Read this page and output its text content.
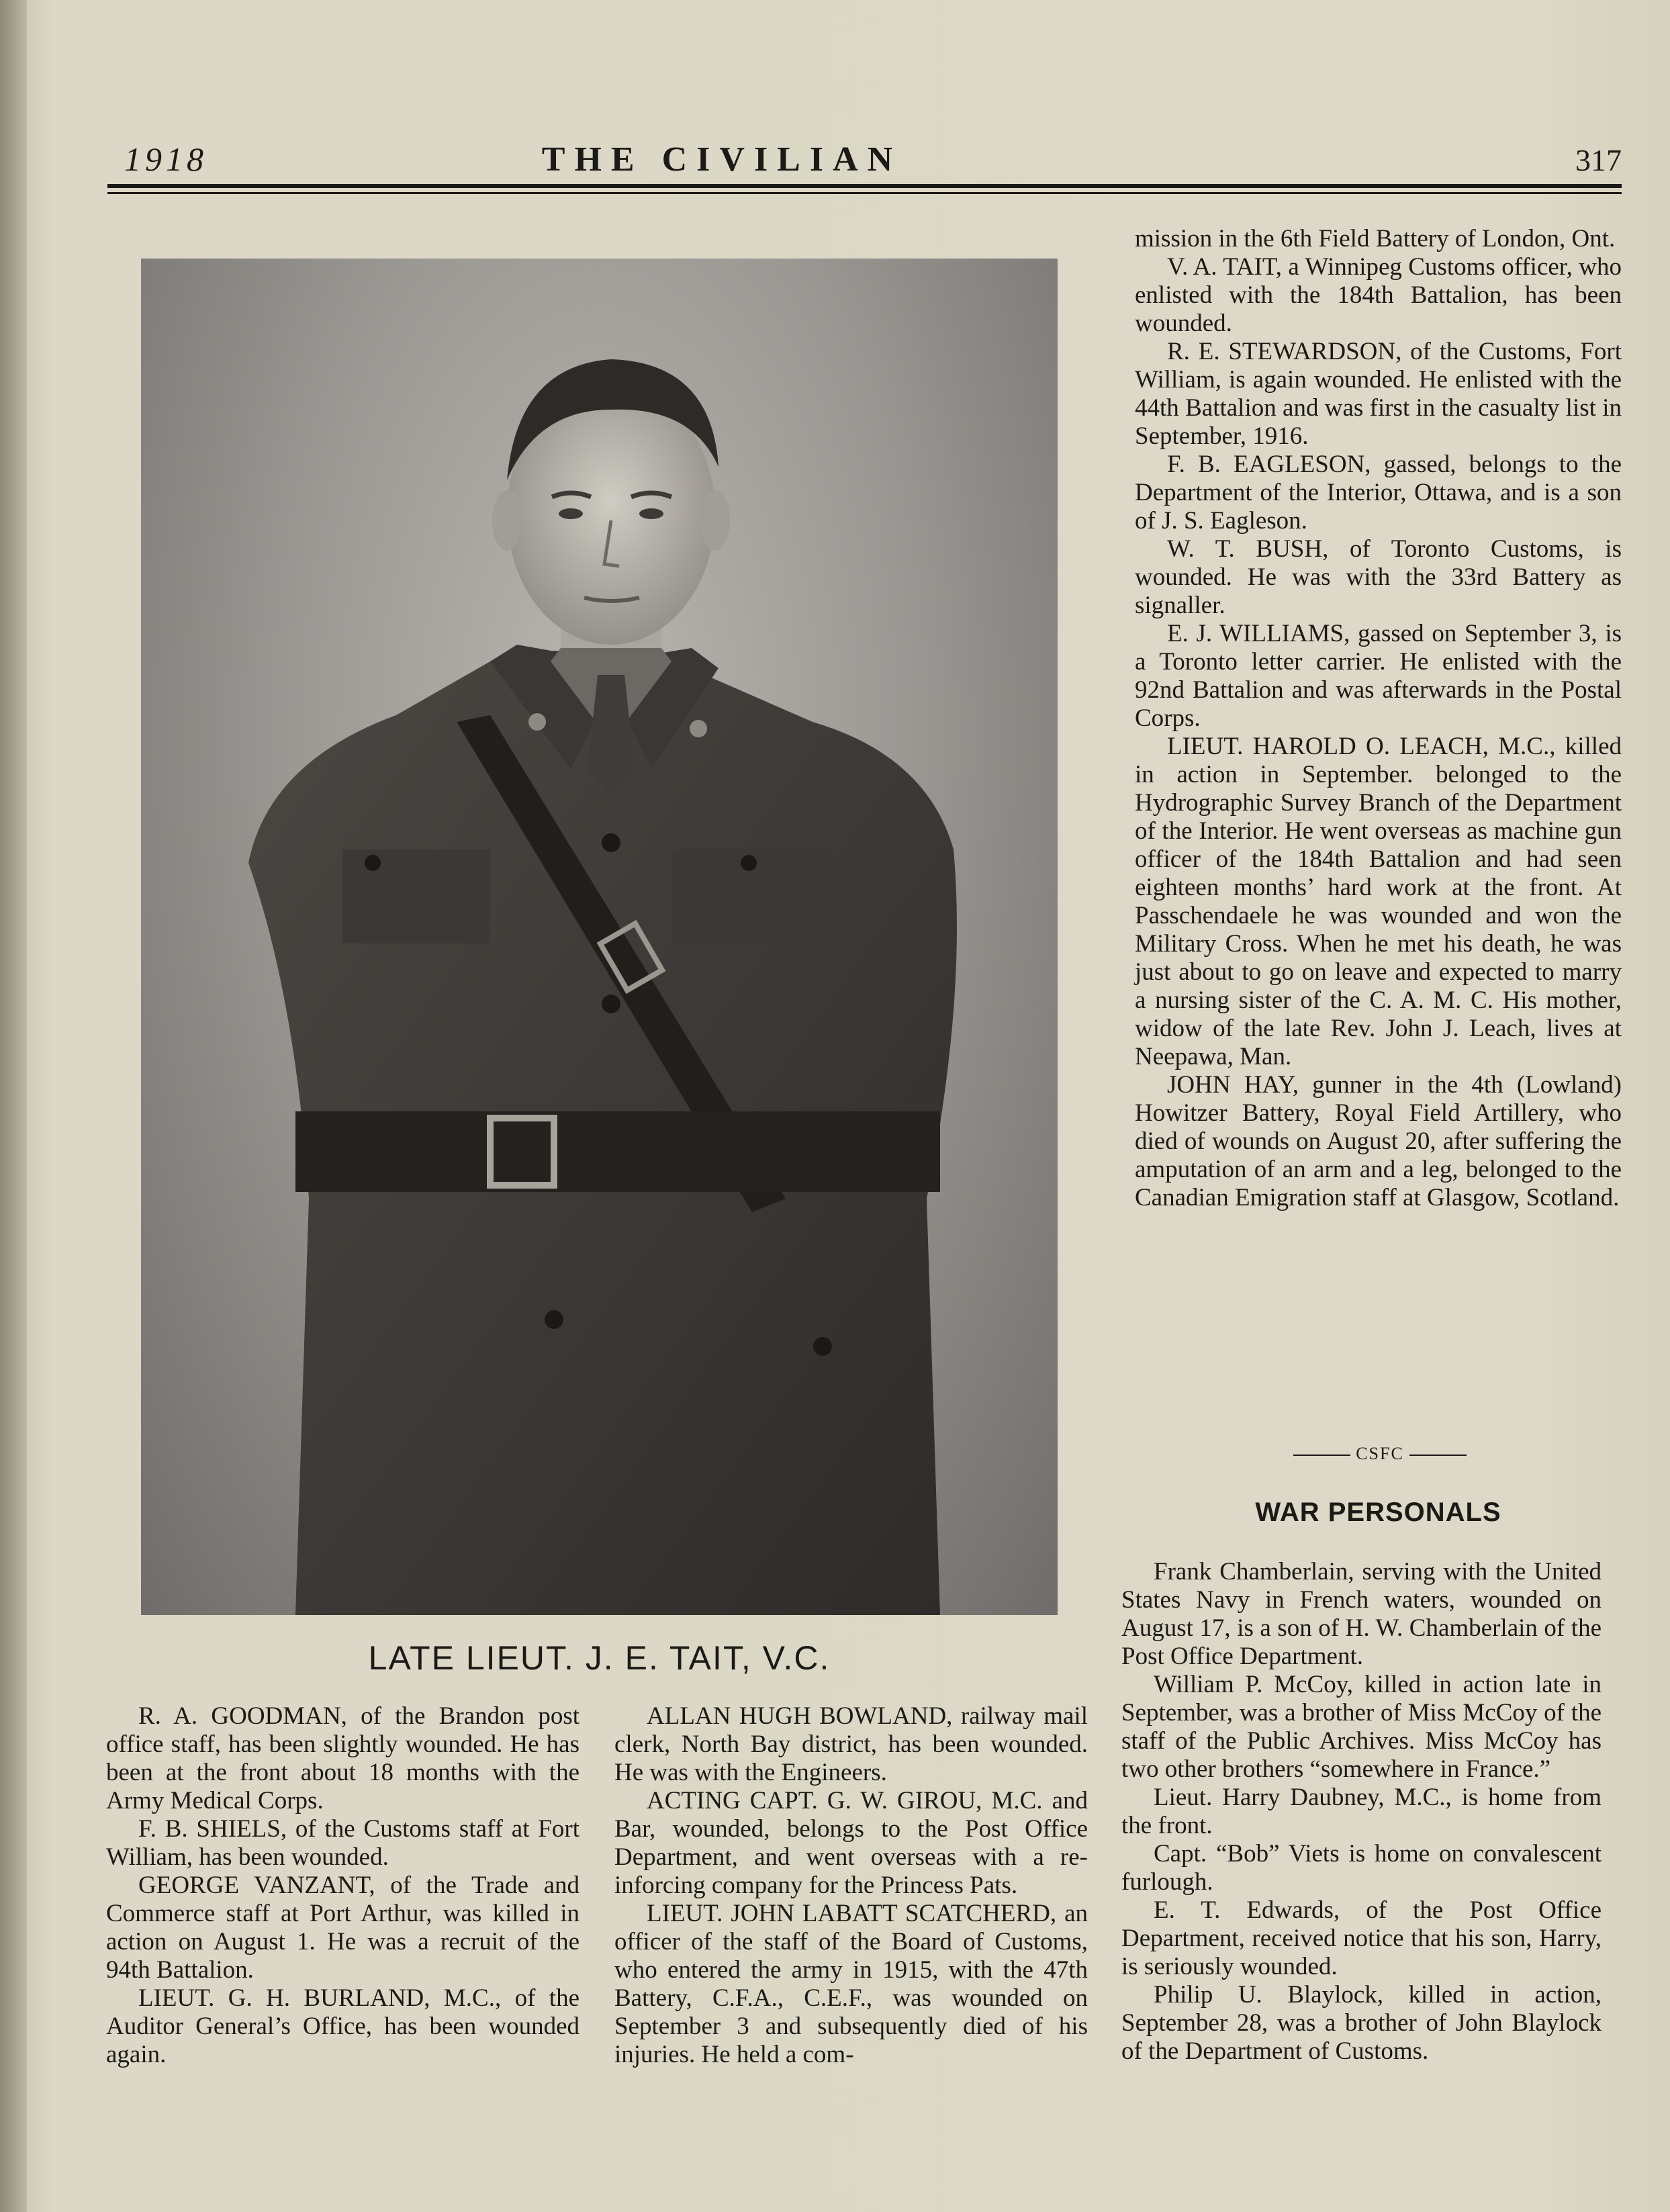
1918	THE CIVILIAN	317
LATE LIEUT. J. E. TAIT, V.C.

R. A. GOODMAN, of the Brandon post office staff, has been slightly wounded. He has been at the front about 18 months with the Army Medical Corps.

F. B. SHIELS, of the Customs staff at Fort William, has been wounded.

GEORGE VANZANT, of the Trade and Commerce staff at Port Arthur, was killed in action on August 1. He was a recruit of the 94th Battalion.

LIEUT. G. H. BURLAND, M.C., of the Auditor General’s Office, has been wounded again.

ALLAN HUGH BOWLAND, railway mail clerk, North Bay district, has been wounded. He was with the Engineers.

ACTING CAPT. G. W. GIROU, M.C. and Bar, wounded, belongs to the Post Office Department, and went overseas with a re-inforcing company for the Princess Pats.

LIEUT. JOHN LABATT SCATCHERD, an officer of the staff of the Board of Customs, who entered the army in 1915, with the 47th Battery, C.F.A., C.E.F., was wounded on September 3 and subsequently died of his injuries. He held a com-

mission in the 6th Field Battery of London, Ont.

V. A. TAIT, a Winnipeg Customs officer, who enlisted with the 184th Battalion, has been wounded.

R. E. STEWARDSON, of the Customs, Fort William, is again wounded. He enlisted with the 44th Battalion and was first in the casualty list in September, 1916.

F. B. EAGLESON, gassed, belongs to the Department of the Interior, Ottawa, and is a son of J. S. Eagleson.

W. T. BUSH, of Toronto Customs, is wounded. He was with the 33rd Battery as signaller.

E. J. WILLIAMS, gassed on September 3, is a Toronto letter carrier. He enlisted with the 92nd Battalion and was afterwards in the Postal Corps.

LIEUT. HAROLD O. LEACH, M.C., killed in action in September. belonged to the Hydrographic Survey Branch of the Department of the Interior. He went overseas as machine gun officer of the 184th Battalion and had seen eighteen months’ hard work at the front. At Passchendaele he was wounded and won the Military Cross. When he met his death, he was just about to go on leave and expected to marry a nursing sister of the C. A. M. C. His mother, widow of the late Rev. John J. Leach, lives at Neepawa, Man.

JOHN HAY, gunner in the 4th (Lowland) Howitzer Battery, Royal Field Artillery, who died of wounds on August 20, after suffering the amputation of an arm and a leg, belonged to the Canadian Emigration staff at Glasgow, Scotland.

CSFC
WAR PERSONALS

Frank Chamberlain, serving with the United States Navy in French waters, wounded on August 17, is a son of H. W. Chamberlain of the Post Office Department.

William P. McCoy, killed in action late in September, was a brother of Miss McCoy of the staff of the Public Archives. Miss McCoy has two other brothers “somewhere in France.”

Lieut. Harry Daubney, M.C., is home from the front.

Capt. “Bob” Viets is home on convalescent furlough.

E. T. Edwards, of the Post Office Department, received notice that his son, Harry, is seriously wounded.

Philip U. Blaylock, killed in action, September 28, was a brother of John Blaylock of the Department of Customs.
